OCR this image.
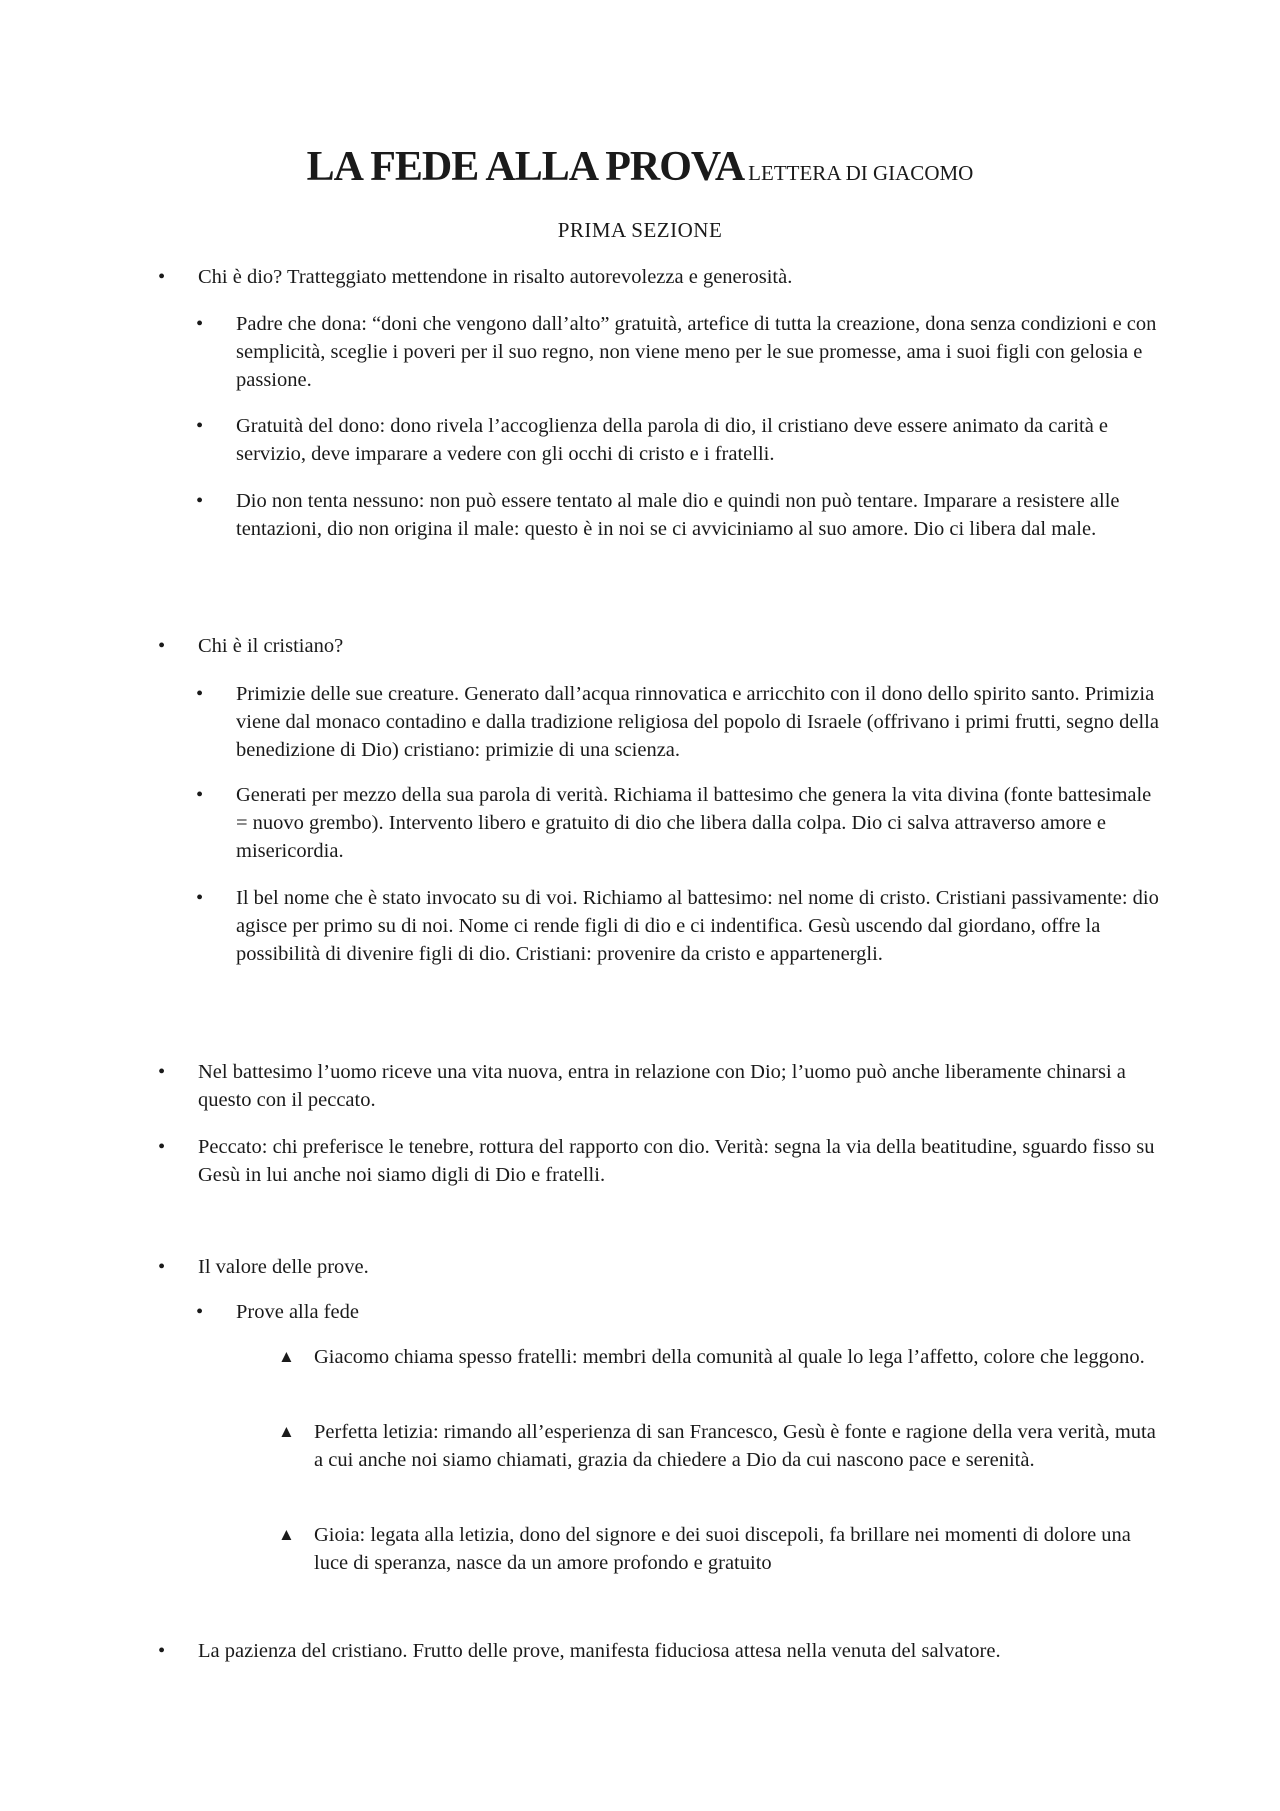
LA FEDE ALLA PROVA LETTERA DI GIACOMO
PRIMA SEZIONE
• Chi è dio? Tratteggiato mettendone in risalto autorevolezza e generosità.
• Padre che dona: “doni che vengono dall’alto” gratuità, artefice di tutta la creazione, dona senza condizioni e con semplicità, sceglie i poveri per il suo regno, non viene meno per le sue promesse, ama i suoi figli con gelosia e passione.
• Gratuità del dono: dono rivela l’accoglienza della parola di dio, il cristiano deve essere animato da carità e servizio, deve imparare a vedere con gli occhi di cristo e i fratelli.
• Dio non tenta nessuno: non può essere tentato al male dio e quindi non può tentare. Imparare a resistere alle tentazioni, dio non origina il male: questo è in noi se ci avviciniamo al suo amore. Dio ci libera dal male.
• Chi è il cristiano?
• Primizie delle sue creature. Generato dall’acqua rinnovatica e arricchito con il dono dello spirito santo. Primizia viene dal monaco contadino e dalla tradizione religiosa del popolo di Israele (offrivano i primi frutti, segno della benedizione di Dio) cristiano: primizie di una scienza.
• Generati per mezzo della sua parola di verità. Richiama il battesimo che genera la vita divina (fonte battesimale = nuovo grembo). Intervento libero e gratuito di dio che libera dalla colpa. Dio ci salva attraverso amore e misericordia.
• Il bel nome che è stato invocato su di voi. Richiamo al battesimo: nel nome di cristo. Cristiani passivamente: dio agisce per primo su di noi. Nome ci rende figli di dio e ci indentifica. Gesù uscendo dal giordano, offre la possibilità di divenire figli di dio. Cristiani: provenire da cristo e appartenergli.
• Nel battesimo l’uomo riceve una vita nuova, entra in relazione con Dio; l’uomo può anche liberamente chinarsi a questo con il peccato.
• Peccato: chi preferisce le tenebre, rottura del rapporto con dio. Verità: segna la via della beatitudine, sguardo fisso su Gesù in lui anche noi siamo digli di Dio e fratelli.
• Il valore delle prove.
• Prove alla fede
▲ Giacomo chiama spesso fratelli: membri della comunità al quale lo lega l’affetto, colore che leggono.
▲ Perfetta letizia: rimando all’esperienza di san Francesco, Gesù è fonte e ragione della vera verità, muta a cui anche noi siamo chiamati, grazia da chiedere a Dio da cui nascono pace e serenità.
▲ Gioia: legata alla letizia, dono del signore e dei suoi discepoli, fa brillare nei momenti di dolore una luce di speranza, nasce da un amore profondo e gratuito
• La pazienza del cristiano. Frutto delle prove, manifesta fiduciosa attesa nella venuta del salvatore.
